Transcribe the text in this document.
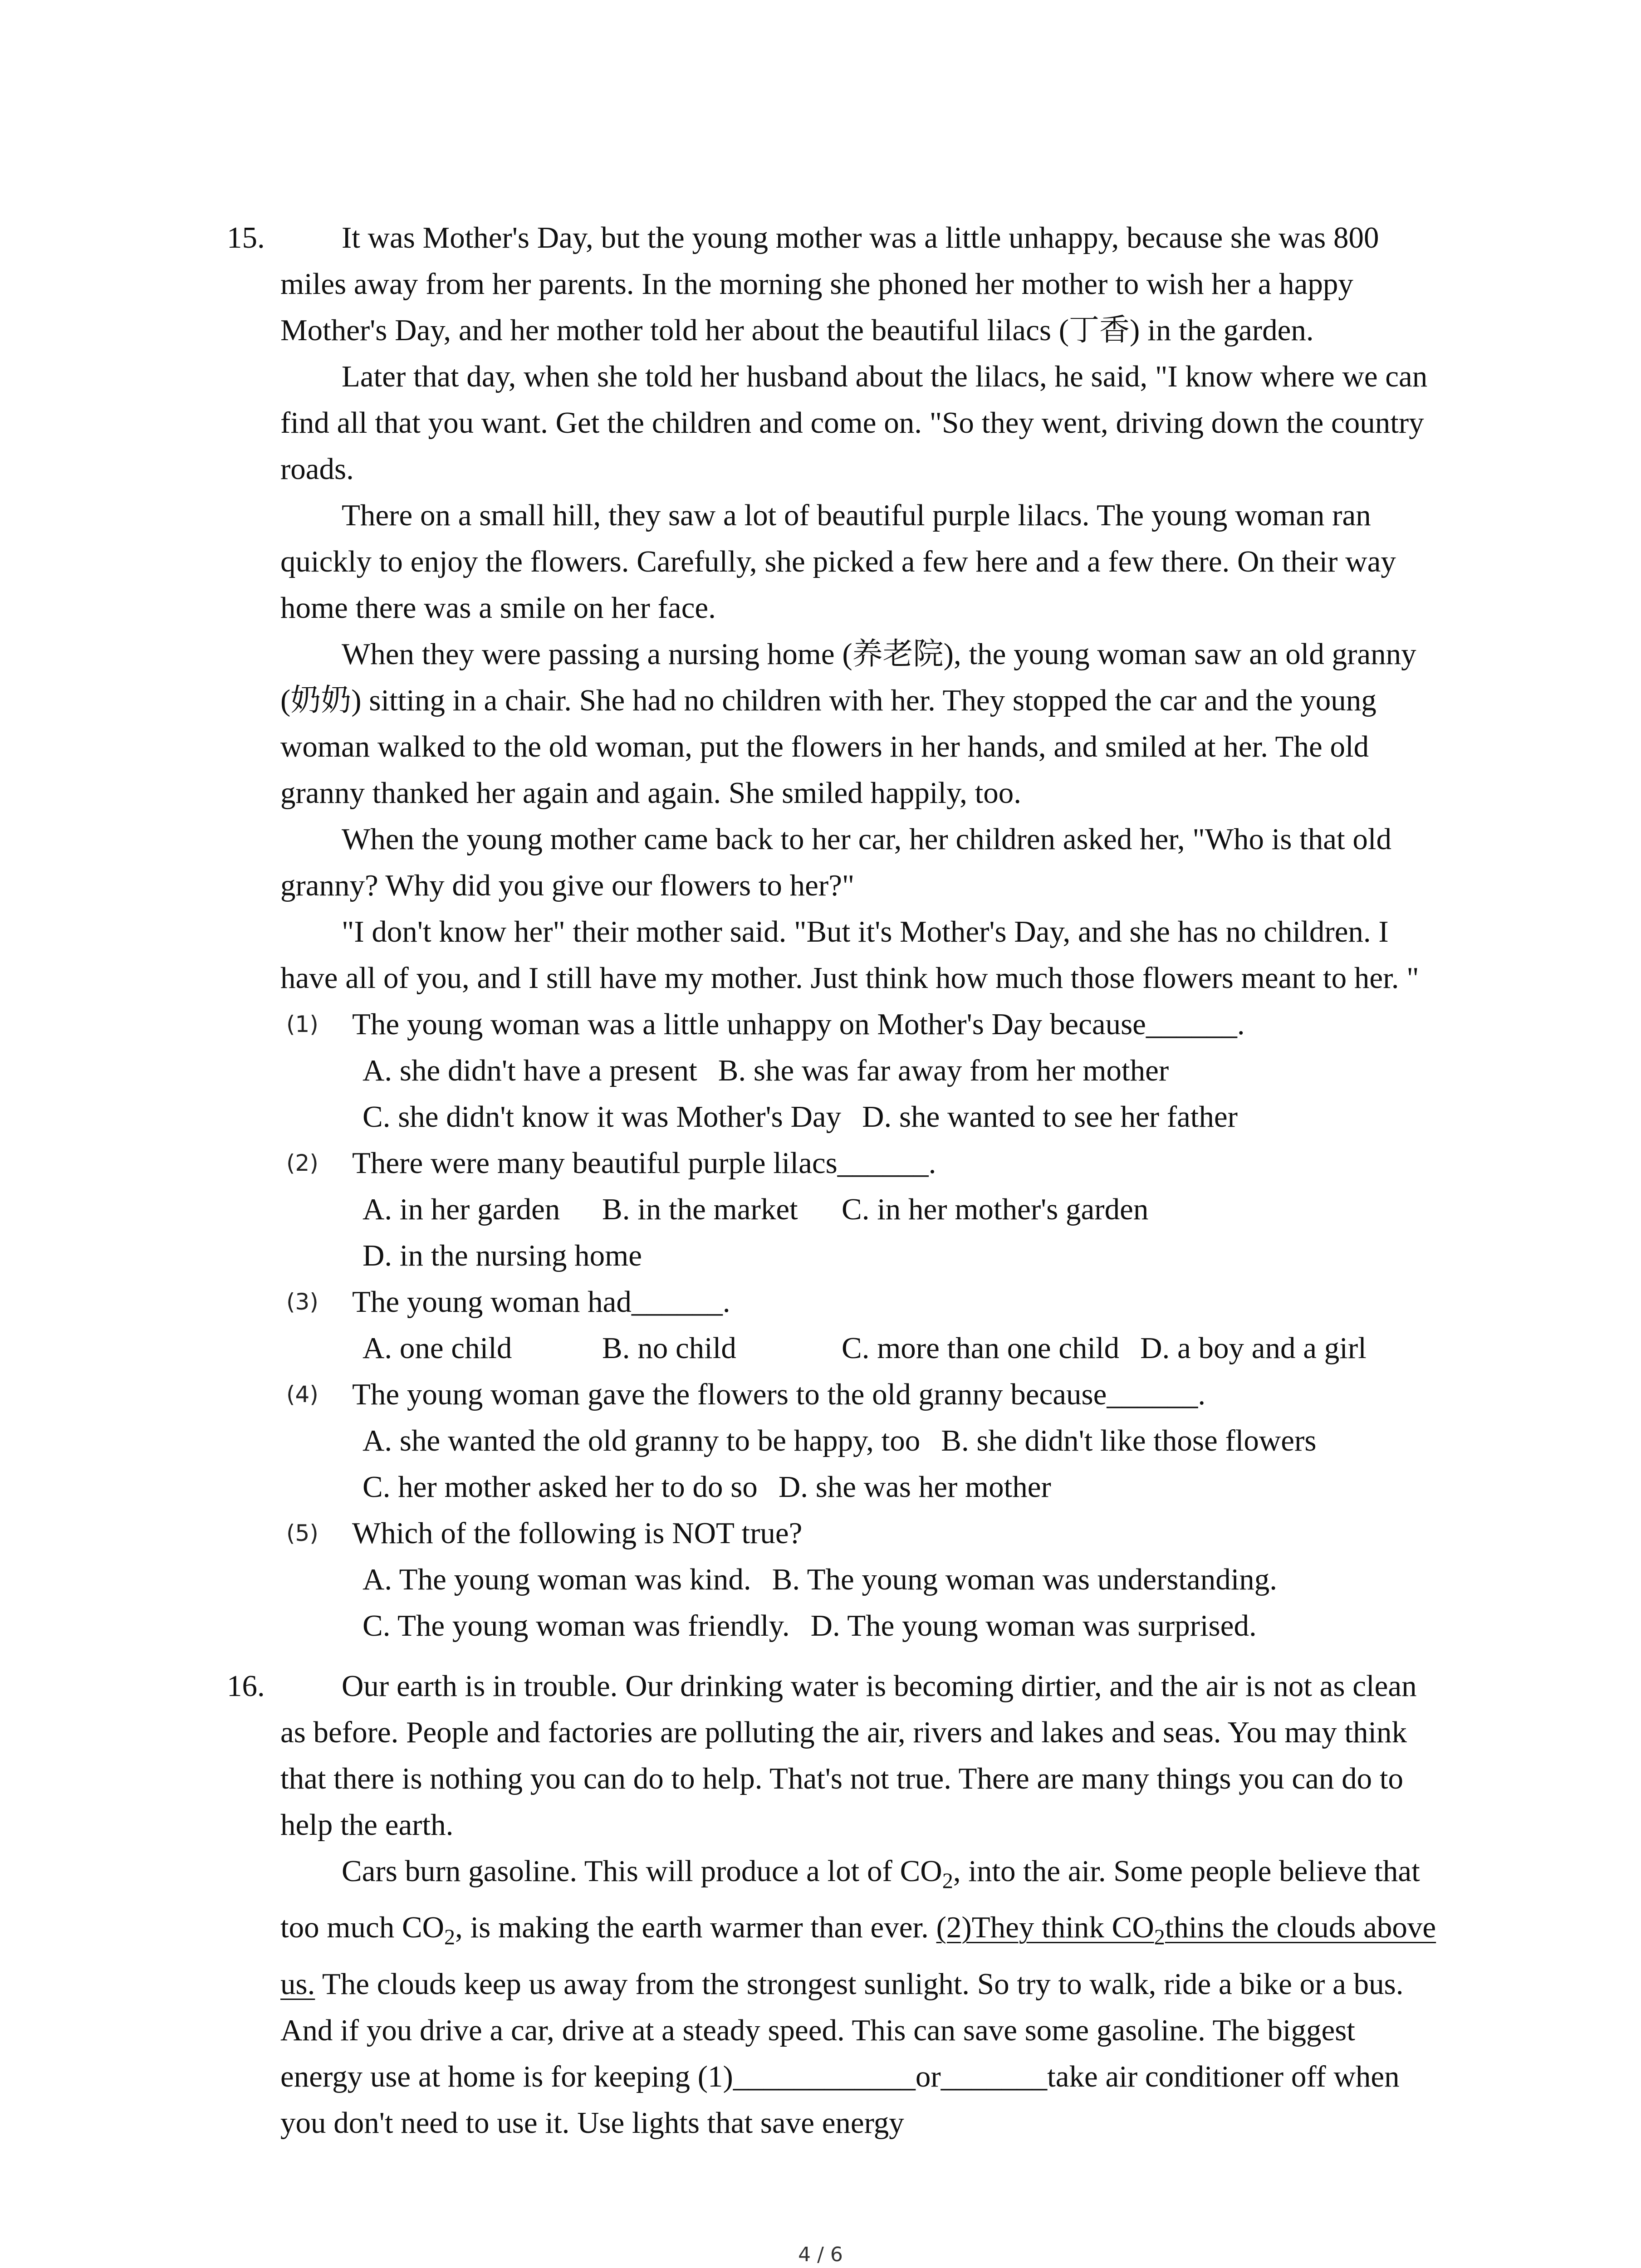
15.	It was Mother's Day, but the young mother was a little unhappy, because she was 800
miles away from her parents. In the morning she phoned her mother to wish her a happy
Mother's Day, and her mother told her about the beautiful lilacs (丁香) in the garden.
Later that day, when she told her husband about the lilacs, he said, "I know where we can
find all that you want. Get the children and come on. "So they went, driving down the country
roads.
There on a small hill, they saw a lot of beautiful purple lilacs. The young woman ran
quickly to enjoy the flowers. Carefully, she picked a few here and a few there. On their way
home there was a smile on her face.
When they were passing a nursing home (养老院), the young woman saw an old granny
(奶奶) sitting in a chair. She had no children with her. They stopped the car and the young
woman walked to the old woman, put the flowers in her hands, and smiled at her. The old
granny thanked her again and again. She smiled happily, too.
When the young mother came back to her car, her children asked her, "Who is that old
granny? Why did you give our flowers to her?"
"I don't know her" their mother said. "But it's Mother's Day, and she has no children. I
have all of you, and I still have my mother. Just think how much those flowers meant to her. "
(1) The young woman was a little unhappy on Mother's Day because______.
A. she didn't have a present B. she was far away from her mother
C. she didn't know it was Mother's Day D. she wanted to see her father
(2) There were many beautiful purple lilacs______.
A. in her garden B. in the market C. in her mother's garden
D. in the nursing home
(3) The young woman had______.
A. one child	B. no child	C. more than one child D. a boy and a girl
(4) The young woman gave the flowers to the old granny because______.
A. she wanted the old granny to be happy, too B. she didn't like those flowers
C. her mother asked her to do so D. she was her mother
(5) Which of the following is NOT true?
A. The young woman was kind. B. The young woman was understanding.
C. The young woman was friendly. D. The young woman was surprised.
16.	Our earth is in trouble. Our drinking water is becoming dirtier, and the air is not as clean
as before. People and factories are polluting the air, rivers and lakes and seas. You may think
that there is nothing you can do to help. That's not true. There are many things you can do to
help the earth.
Cars burn gasoline. This will produce a lot of $CO_2$, into the air. Some people believe that
too much $CO_2$, is making the earth warmer than ever. (2)They think $CO_2thins$ the clouds above
us. The clouds keep us away from the strongest sunlight. So try to walk, ride a bike or a bus.
And if you drive a car, drive at a steady speed. This can save some gasoline. The biggest
energy use at home is for keeping (1)____________or_______take air conditioner off when
you don't need to use it. Use lights that save energy
4 / 6
